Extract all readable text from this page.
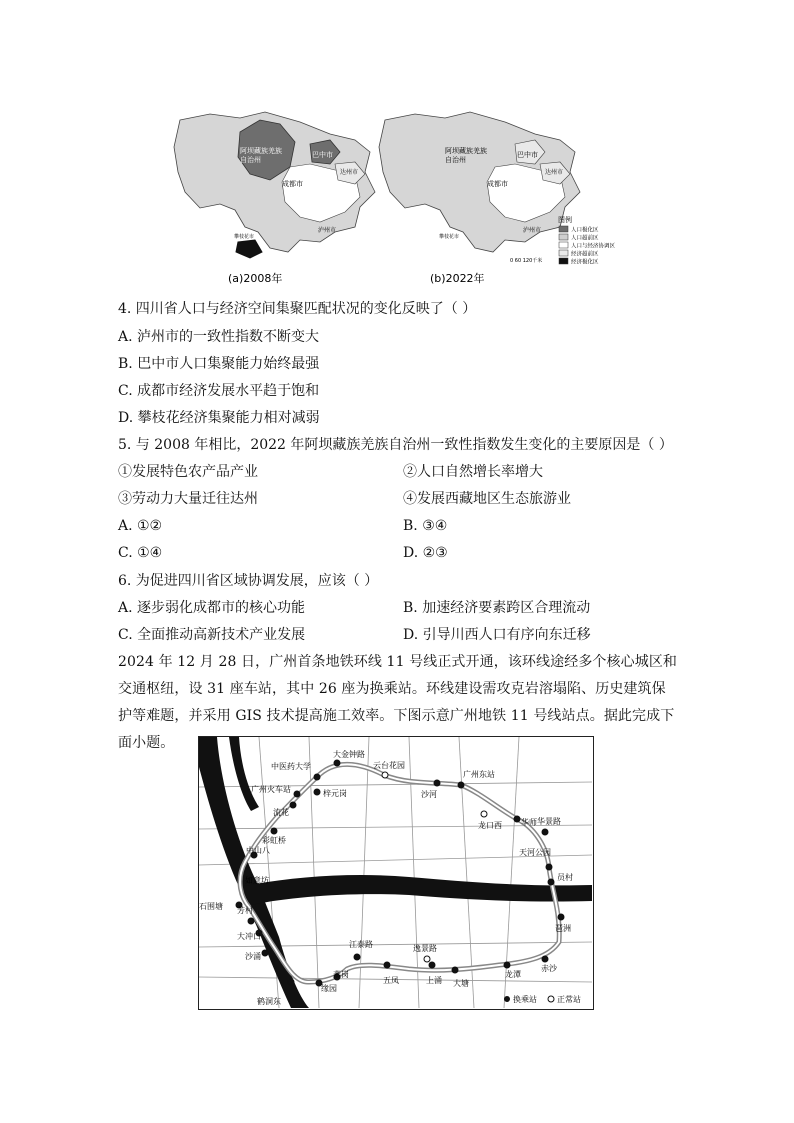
阿坝藏族羌族自治州
巴中市
达州市
成都市
泸州市
攀枝花市
(a)2008年
阿坝藏族羌族自治州
巴中市
达州市
成都市
泸州市
攀枝花市
(b)2022年
图例
人口极化区
人口超前区
人口与经济协调区
经济超前区
经济极化区
0 60 120千米
4. 四川省人口与经济空间集聚匹配状况的变化反映了（ ）
A. 泸州市的一致性指数不断变大
B. 巴中市人口集聚能力始终最强
C. 成都市经济发展水平趋于饱和
D. 攀枝花经济集聚能力相对减弱
5. 与 2008 年相比，2022 年阿坝藏族羌族自治州一致性指数发生变化的主要原因是（ ）
①发展特色农产品产业	②人口自然增长率增大
③劳动力大量迁往达州	④发展西藏地区生态旅游业
A. ①②	B. ③④
C. ①④	D. ②③
6. 为促进四川省区域协调发展，应该（ ）
A. 逐步弱化成都市的核心功能	B. 加速经济要素跨区合理流动
C. 全面推动高新技术产业发展	D. 引导川西人口有序向东迁移
2024 年 12 月 28 日，广州首条地铁环线 11 号线正式开通，该环线途经多个核心城区和交通枢纽，设 31 座车站，其中 26 座为换乘站。环线建设需攻克岩溶塌陷、历史建筑保护等难题，并采用 GIS 技术提高施工效率。下图示意广州地铁 11 号线站点。据此完成下面小题。
大金钟路
中医药大学	云台花园
广州东站
广州火车站	梓元岗	沙河
龙口西
流花
华师 华景路
彩虹桥
中山八	天河公园
员村
如意坊
石围塘
琶洲
芳村
大冲口
江泰路	逸景路
沙涌
赤沙
燕岗
五凤	上涌
龙潭
大塘
鹤洞东
缘园
换乘站	正常站
